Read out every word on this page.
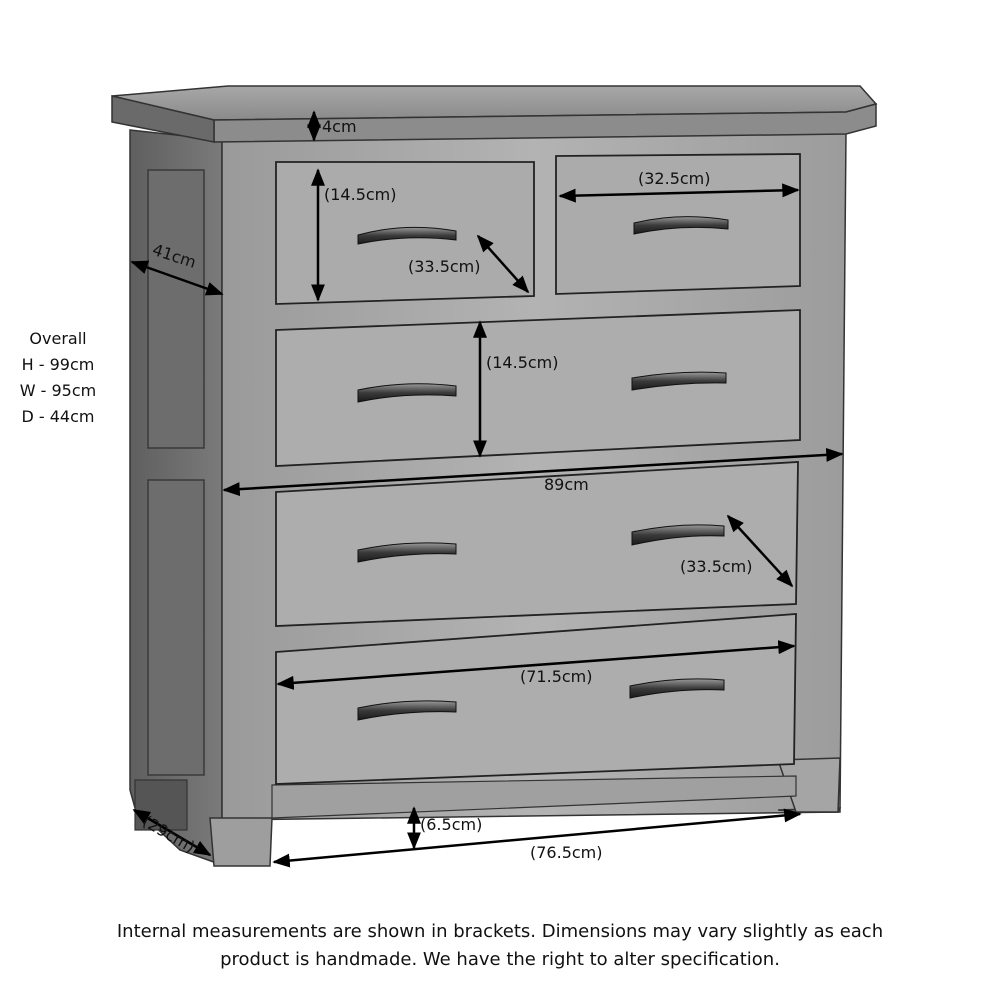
4cm
41cm
(14.5cm)
(33.5cm)
(32.5cm)
(14.5cm)
89cm
(33.5cm)
(71.5cm)
(6.5cm)
(76.5cm)
(29cm)
Overall
H - 99cm
W - 95cm
D - 44cm
Internal measurements are shown in brackets. Dimensions may vary slightly as each
product is handmade. We have the right to alter specification.
